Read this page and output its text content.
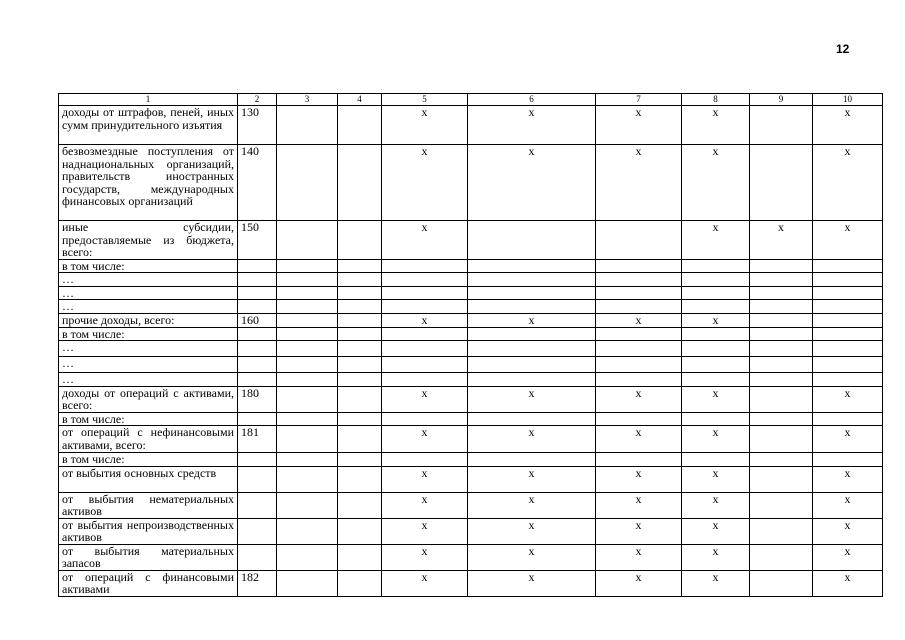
12
1	2	3	4	5	6	7	8	9	10
доходы от штрафов, пеней, иных сумм принудительного изъятия	130			x	x	x	x		x
безвозмездные поступления от наднациональных организаций, правительств иностранных государств, международных финансовых организаций	140			x	x	x	x		x
иные субсидии, предоставляемые из бюджета, всего:	150			x			x	x	x
в том числе:									
…									
…									
…									
прочие доходы, всего:	160			x	x	x	x		
в том числе:									
…									
…									
…									
доходы от операций с активами, всего:	180			x	x	x	x		x
в том числе:									
от операций с нефинансовыми активами, всего:	181			x	x	x	x		x
в том числе:									
от выбытия основных средств				x	x	x	x		x
от выбытия нематериальных активов				x	x	x	x		x
от выбытия непроизводственных активов				x	x	x	x		x
от выбытия материальных запасов				x	x	x	x		x
от операций с финансовыми активами	182			x	x	x	x		x
